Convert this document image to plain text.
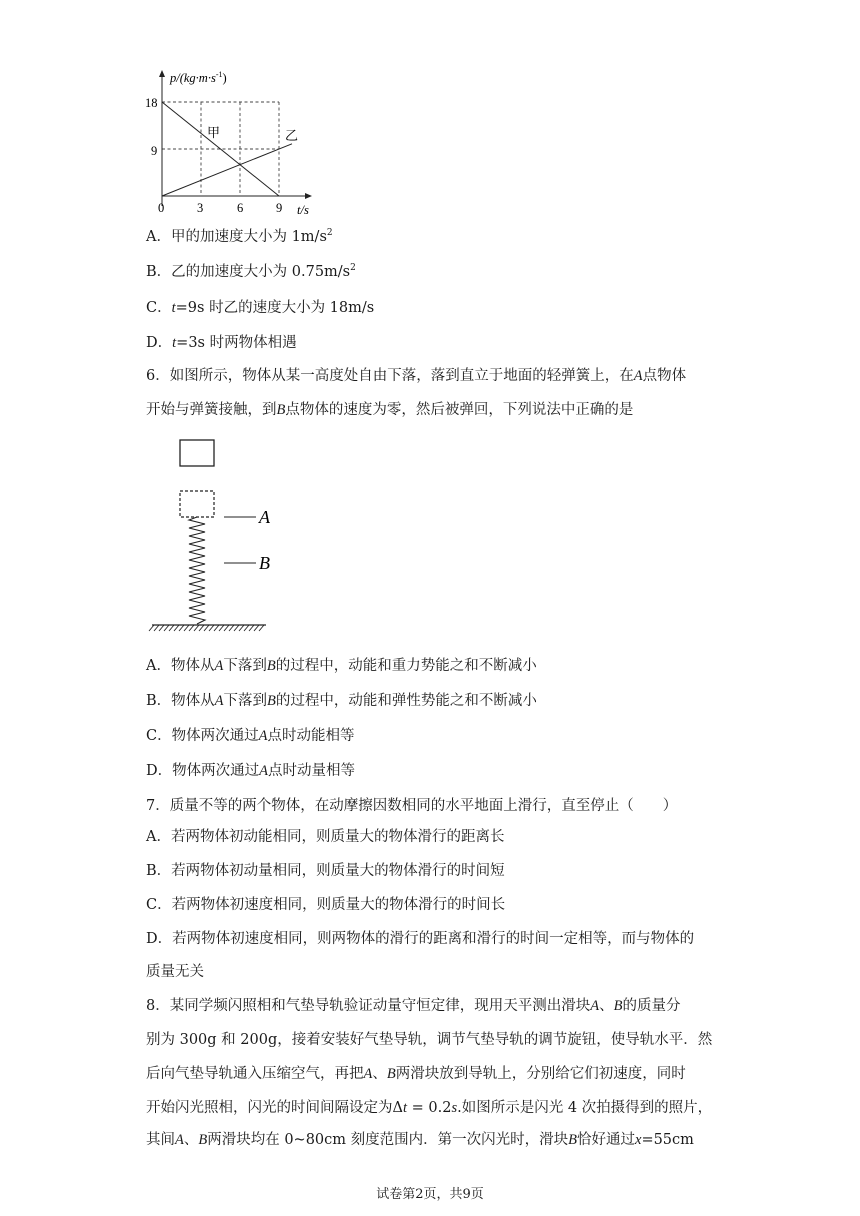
$p/(kg\cdot m\cdot s^{-1})$
t/s
0	3	6	9
9
18
甲	乙
A．甲的加速度大小为 $1m/s^2$
B．乙的加速度大小为 $0.75m/s^2$
C．t=9s 时乙的速度大小为 18m/s
D．t=3s 时两物体相遇
6．如图所示，物体从某一高度处自由下落，落到直立于地面的轻弹簧上，在A点物体
开始与弹簧接触，到B点物体的速度为零，然后被弹回，下列说法中正确的是
A
B
A．物体从A下落到B的过程中，动能和重力势能之和不断减小
B．物体从A下落到B的过程中，动能和弹性势能之和不断减小
C．物体两次通过A点时动能相等
D．物体两次通过A点时动量相等
7．质量不等的两个物体，在动摩擦因数相同的水平地面上滑行，直至停止（　　）
A．若两物体初动能相同，则质量大的物体滑行的距离长
B．若两物体初动量相同，则质量大的物体滑行的时间短
C．若两物体初速度相同，则质量大的物体滑行的时间长
D．若两物体初速度相同，则两物体的滑行的距离和滑行的时间一定相等，而与物体的
质量无关
8．某同学频闪照相和气垫导轨验证动量守恒定律，现用天平测出滑块A、B的质量分
别为 300g 和 200g，接着安装好气垫导轨，调节气垫导轨的调节旋钮，使导轨水平．然
后向气垫导轨通入压缩空气，再把A、B两滑块放到导轨上，分别给它们初速度，同时
开始闪光照相，闪光的时间间隔设定为Δt = 0.2s.如图所示是闪光 4 次拍摄得到的照片，
其间A、B两滑块均在 0~80cm 刻度范围内．第一次闪光时，滑块B恰好通过x=55cm
试卷第2页，共9页
